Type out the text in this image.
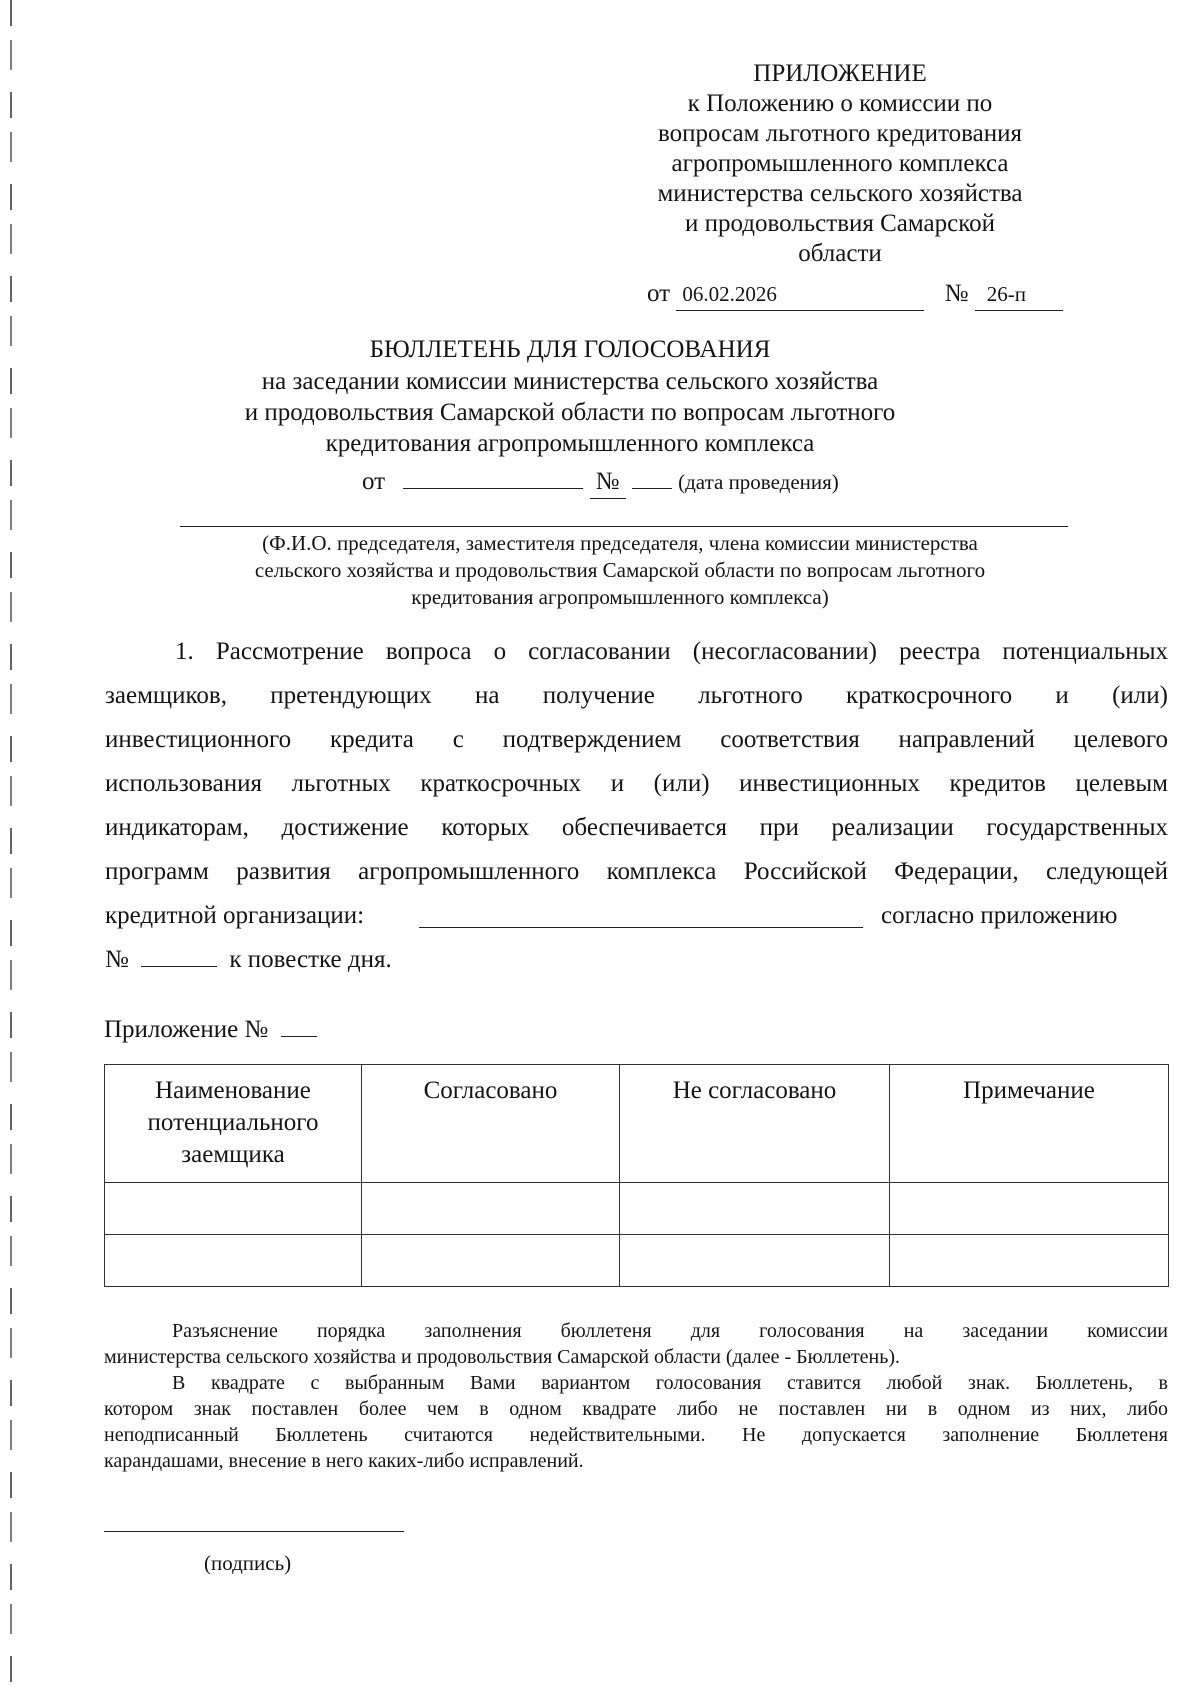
ПРИЛОЖЕНИЕ
к Положению о комиссии по
вопросам льготного кредитования
агропромышленного комплекса
министерства сельского хозяйства
и продовольствия Самарской
области
от 06.02.2026	№ 26-п
БЮЛЛЕТЕНЬ ДЛЯ ГОЛОСОВАНИЯ
на заседании комиссии министерства сельского хозяйства
и продовольствия Самарской области по вопросам льготного
кредитования агропромышленного комплекса
от	№	(дата проведения)
(Ф.И.О. председателя, заместителя председателя, члена комиссии министерства
сельского хозяйства и продовольствия Самарской области по вопросам льготного
кредитования агропромышленного комплекса)
1. Рассмотрение вопроса о согласовании (несогласовании) реестра потенциальных
заемщиков, претендующих на получение льготного краткосрочного и (или)
инвестиционного кредита с подтверждением соответствия направлений целевого
использования льготных краткосрочных и (или) инвестиционных кредитов целевым
индикаторам, достижение которых обеспечивается при реализации государственных
программ развития агропромышленного комплекса Российской Федерации, следующей
кредитной организации:	согласно приложению
№	к повестке дня.
Приложение №
Наименование потенциального заемщика	Согласовано	Не согласовано	Примечание

Разъяснение порядка заполнения бюллетеня для голосования на заседании комиссии
министерства сельского хозяйства и продовольствия Самарской области (далее - Бюллетень).
В квадрате с выбранным Вами вариантом голосования ставится любой знак. Бюллетень, в
котором знак поставлен более чем в одном квадрате либо не поставлен ни в одном из них, либо
неподписанный Бюллетень считаются недействительными. Не допускается заполнение Бюллетеня
карандашами, внесение в него каких-либо исправлений.
(подпись)
